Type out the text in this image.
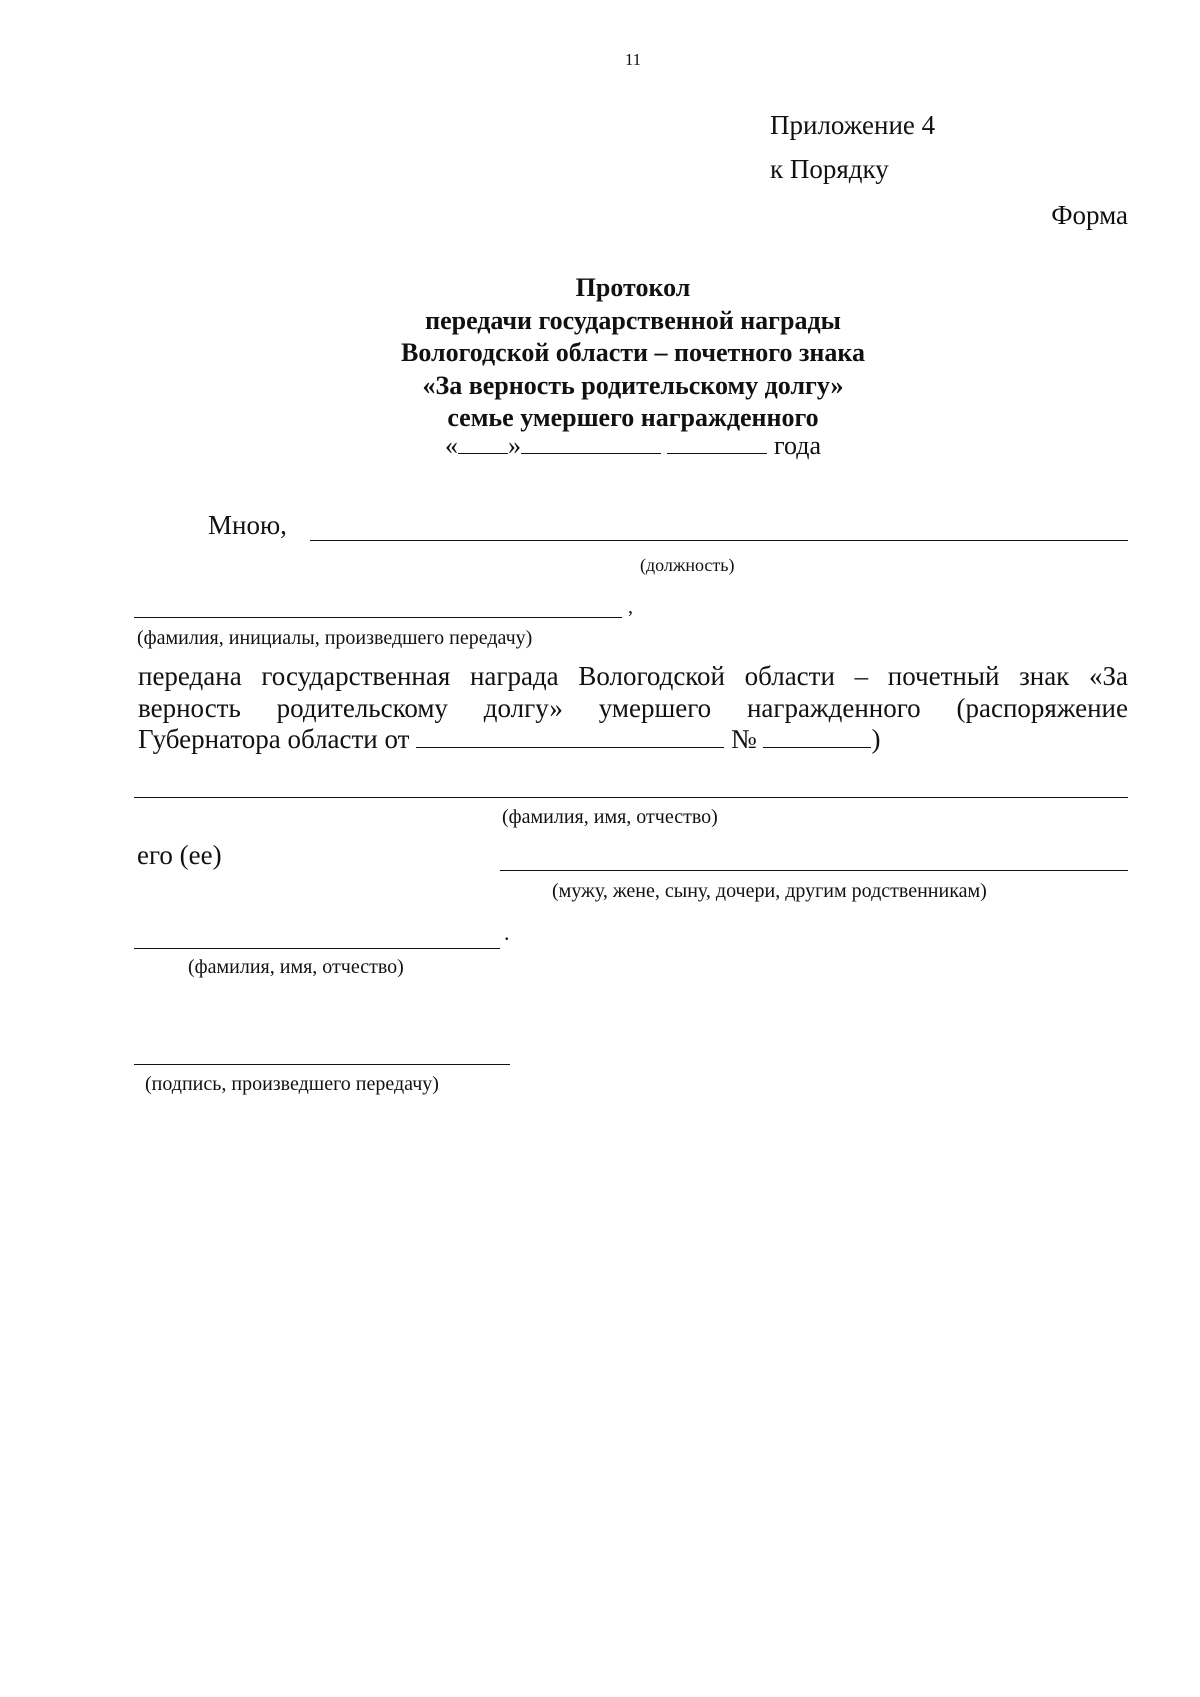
11
Приложение 4
к Порядку
Форма
Протокол
передачи государственной награды
Вологодской области – почетного знака
«За верность родительскому долгу»
семье умершего награжденного
« »	года
Мною,
(должность)
,
(фамилия, инициалы, произведшего передачу)
передана государственная награда Вологодской области – почетный знак «За верность родительскому долгу» умершего награжденного (распоряжение
Губернатора области от	№	)
(фамилия, имя, отчество)
его (ее)
(мужу, жене, сыну, дочери, другим родственникам)
.
(фамилия, имя, отчество)
(подпись, произведшего передачу)
